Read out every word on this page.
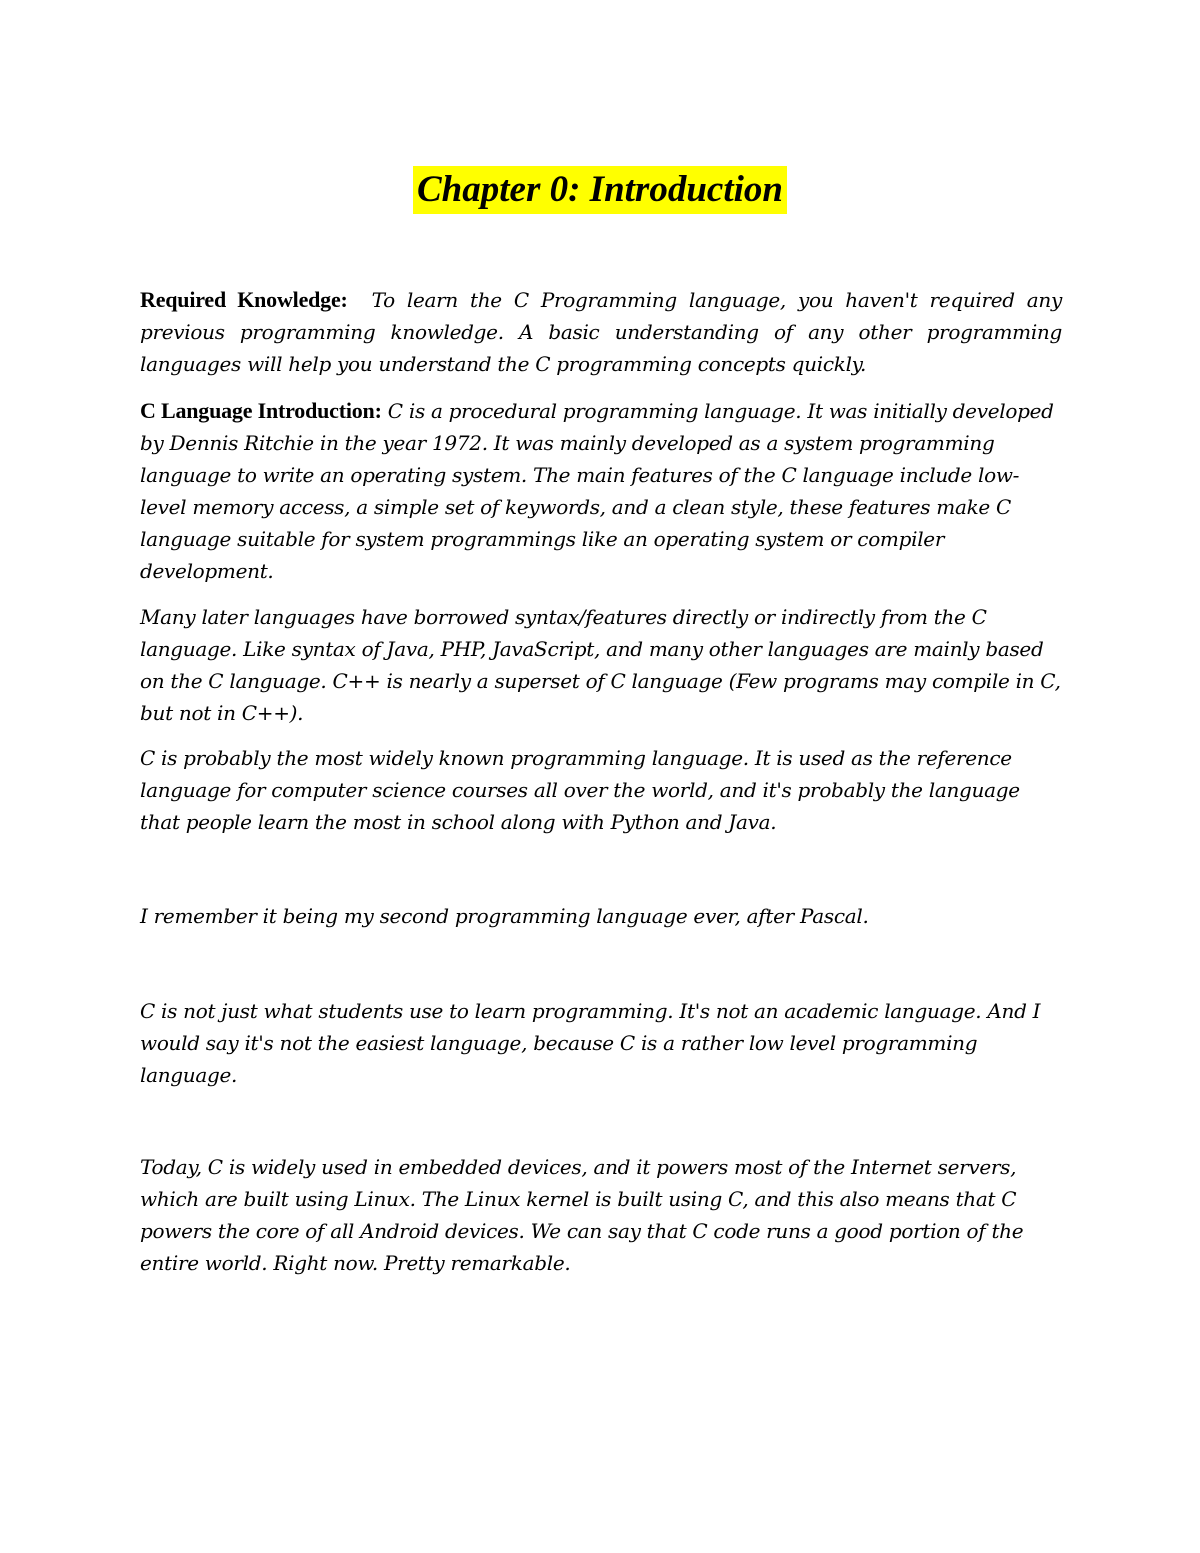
Chapter 0: Introduction

Required Knowledge: To learn the C Programming language, you haven't required any previous programming knowledge. A basic understanding of any other programming languages will help you understand the C programming concepts quickly.

C Language Introduction: C is a procedural programming language. It was initially developed by Dennis Ritchie in the year 1972. It was mainly developed as a system programming language to write an operating system. The main features of the C language include low-level memory access, a simple set of keywords, and a clean style, these features make C language suitable for system programmings like an operating system or compiler development.

Many later languages have borrowed syntax/features directly or indirectly from the C language. Like syntax of Java, PHP, JavaScript, and many other languages are mainly based on the C language. C++ is nearly a superset of C language (Few programs may compile in C, but not in C++).

C is probably the most widely known programming language. It is used as the reference language for computer science courses all over the world, and it's probably the language that people learn the most in school along with Python and Java.

I remember it being my second programming language ever, after Pascal.

C is not just what students use to learn programming. It's not an academic language. And I would say it's not the easiest language, because C is a rather low level programming language.

Today, C is widely used in embedded devices, and it powers most of the Internet servers, which are built using Linux. The Linux kernel is built using C, and this also means that C powers the core of all Android devices. We can say that C code runs a good portion of the entire world. Right now. Pretty remarkable.
